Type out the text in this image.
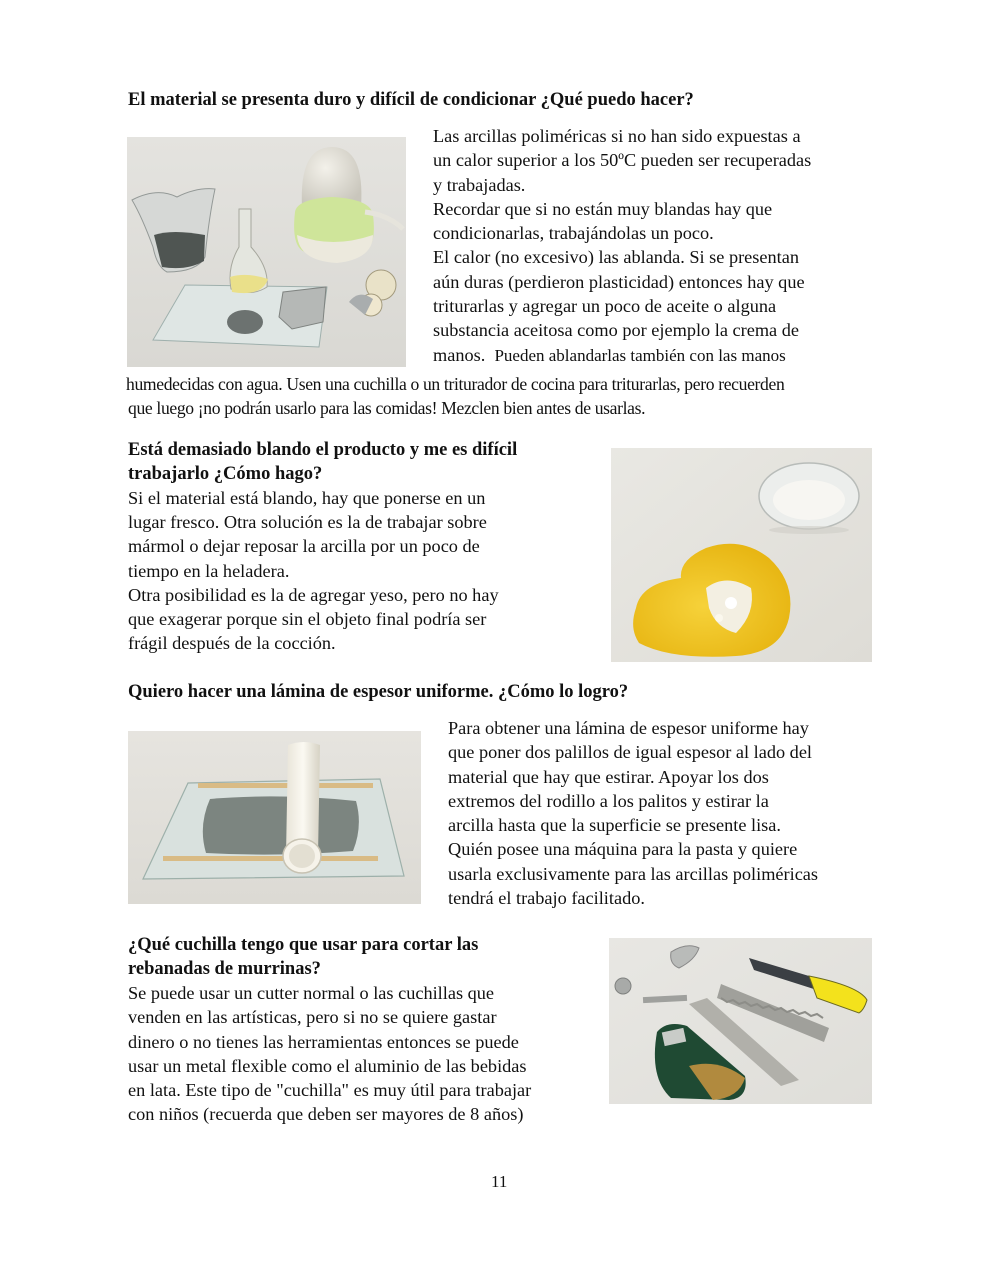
El material se presenta duro y difícil de condicionar ¿Qué puedo hacer?
Las arcillas poliméricas si no han sido expuestas a
un calor superior a los 50ºC pueden ser recuperadas
y trabajadas.
Recordar que si no están muy blandas hay que
condicionarlas, trabajándolas un poco.
El calor (no excesivo) las ablanda. Si se presentan
aún duras (perdieron plasticidad) entonces hay que
triturarlas y agregar un poco de aceite o alguna
substancia aceitosa como por ejemplo la crema de
manos. Pueden ablandarlas también con las manos
humedecidas con agua. Usen una cuchilla o un triturador de cocina para triturarlas, pero recuerden
que luego ¡no podrán usarlo para las comidas! Mezclen bien antes de usarlas.
Está demasiado blando el producto y me es difícil
trabajarlo ¿Cómo hago?
Si el material está blando, hay que ponerse en un
lugar fresco. Otra solución es la de trabajar sobre
mármol o dejar reposar la arcilla por un poco de
tiempo en la heladera.
Otra posibilidad es la de agregar yeso, pero no hay
que exagerar porque sin el objeto final podría ser
frágil después de la cocción.
Quiero hacer una lámina de espesor uniforme. ¿Cómo lo logro?
Para obtener una lámina de espesor uniforme hay
que poner dos palillos de igual espesor al lado del
material que hay que estirar. Apoyar los dos
extremos del rodillo a los palitos y estirar la
arcilla hasta que la superficie se presente lisa.
Quién posee una máquina para la pasta y quiere
usarla exclusivamente para las arcillas poliméricas
tendrá el trabajo facilitado.
¿Qué cuchilla tengo que usar para cortar las
rebanadas de murrinas?
Se puede usar un cutter normal o las cuchillas que
venden en las artísticas, pero si no se quiere gastar
dinero o no tienes las herramientas entonces se puede
usar un metal flexible como el aluminio de las bebidas
en lata. Este tipo de "cuchilla" es muy útil para trabajar
con niños (recuerda que deben ser mayores de 8 años)
11
